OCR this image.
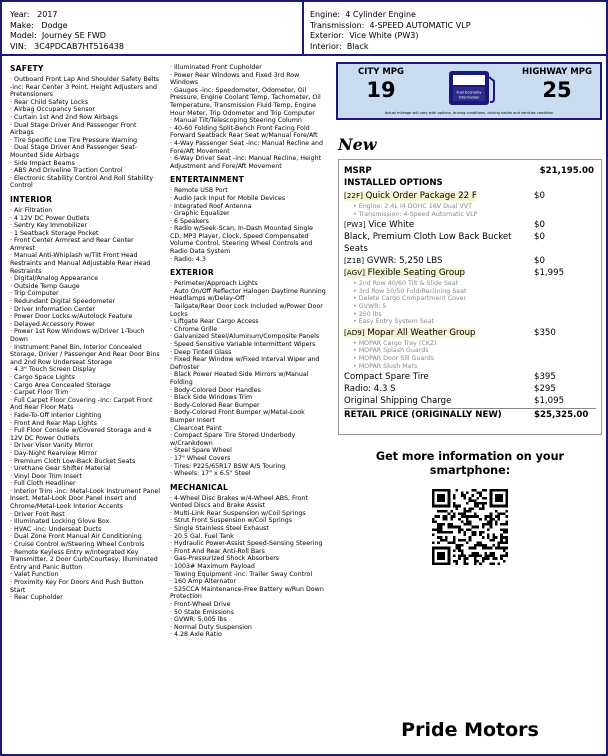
Year: 2017
Make: Dodge
Model: Journey SE FWD
VIN: 3C4PDCAB7HT516438
Engine: 4 Cylinder Engine
Transmission: 4-SPEED AUTOMATIC VLP
Exterior: Vice White (PW3)
Interior: Black
SAFETY
· Outboard Front Lap And Shoulder Safety Belts -inc: Rear Center 3 Point, Height Adjusters and Pretensioners
· Rear Child Safety Locks
· Airbag Occupancy Sensor
· Curtain 1st And 2nd Row Airbags
· Dual Stage Driver And Passenger Front Airbags
· Tire Specific Low Tire Pressure Warning
· Dual Stage Driver And Passenger Seat-Mounted Side Airbags
· Side Impact Beams
· ABS And Driveline Traction Control
· Electronic Stability Control And Roll Stability Control
INTERIOR
· Air Filtration
· 4 12V DC Power Outlets
· Sentry Key Immobilizer
· 1 Seatback Storage Pocket
· Front Center Armrest and Rear Center Armrest
· Manual Anti-Whiplash w/Tilt Front Head Restraints and Manual Adjustable Rear Head Restraints
· Digital/Analog Appearance
· Outside Temp Gauge
· Trip Computer
· Redundant Digital Speedometer
· Driver Information Center
· Power Door Locks w/Autolock Feature
· Delayed Accessory Power
· Power 1st Row Windows w/Driver 1-Touch Down
· Instrument Panel Bin, Interior Concealed Storage, Driver / Passenger And Rear Door Bins and 2nd Row Underseat Storage
· 4.3" Touch Screen Display
· Cargo Space Lights
· Cargo Area Concealed Storage
· Carpet Floor Trim
· Full Carpet Floor Covering -inc: Carpet Front And Rear Floor Mats
· Fade-To-Off Interior Lighting
· Front And Rear Map Lights
· Full Floor Console w/Covered Storage and 4 12V DC Power Outlets
· Driver Visor Vanity Mirror
· Day-Night Rearview Mirror
· Premium Cloth Low-Back Bucket Seats
· Urethane Gear Shifter Material
· Vinyl Door Trim Insert
· Full Cloth Headliner
· Interior Trim -inc: Metal-Look Instrument Panel Insert, Metal-Look Door Panel Insert and Chrome/Metal-Look Interior Accents
· Driver Foot Rest
· Illuminated Locking Glove Box
· HVAC -inc: Underseat Ducts
· Dual Zone Front Manual Air Conditioning
· Cruise Control w/Steering Wheel Controls
· Remote Keyless Entry w/Integrated Key Transmitter, 2 Door Curb/Courtesy, Illuminated Entry and Panic Button
· Valet Function
· Proximity Key For Doors And Push Button Start
· Rear Cupholder
· Illuminated Front Cupholder
· Power Rear Windows and Fixed 3rd Row Windows
· Gauges -inc: Speedometer, Odometer, Oil Pressure, Engine Coolant Temp, Tachometer, Oil Temperature, Transmission Fluid Temp, Engine Hour Meter, Trip Odometer and Trip Computer
· Manual Tilt/Telescoping Steering Column
· 40-60 Folding Split-Bench Front Facing Fold Forward Seatback Rear Seat w/Manual Fore/Aft
· 4-Way Passenger Seat -inc: Manual Recline and Fore/Aft Movement
· 6-Way Driver Seat -inc: Manual Recline, Height Adjustment and Fore/Aft Movement
ENTERTAINMENT
· Remote USB Port
· Audio Jack Input for Mobile Devices
· Integrated Roof Antenna
· Graphic Equalizer
· 6 Speakers
· Radio w/Seek-Scan, In-Dash Mounted Single CD, MP3 Player, Clock, Speed Compensated Volume Control, Steering Wheel Controls and Radio Data System
· Radio: 4.3
EXTERIOR
· Perimeter/Approach Lights
· Auto On/Off Reflector Halogen Daytime Running Headlamps w/Delay-Off
· Tailgate/Rear Door Lock Included w/Power Door Locks
· Liftgate Rear Cargo Access
· Chrome Grille
· Galvanized Steel/Aluminum/Composite Panels
· Speed Sensitive Variable Intermittent Wipers
· Deep Tinted Glass
· Fixed Rear Window w/Fixed Interval Wiper and Defroster
· Black Power Heated Side Mirrors w/Manual Folding
· Body-Colored Door Handles
· Black Side Windows Trim
· Body-Colored Rear Bumper
· Body-Colored Front Bumper w/Metal-Look Bumper Insert
· Clearcoat Paint
· Compact Spare Tire Stored Underbody w/Crankdown
· Steel Spare Wheel
· 17" Wheel Covers
· Tires: P225/65R17 BSW A/S Touring
· Wheels: 17" x 6.5" Steel
MECHANICAL
· 4-Wheel Disc Brakes w/4-Wheel ABS, Front Vented Discs and Brake Assist
· Multi-Link Rear Suspension w/Coil Springs
· Strut Front Suspension w/Coil Springs
· Single Stainless Steel Exhaust
· 20.5 Gal. Fuel Tank
· Hydraulic Power-Assist Speed-Sensing Steering
· Front And Rear Anti-Roll Bars
· Gas-Pressurized Shock Absorbers
· 1003# Maximum Payload
· Towing Equipment -inc: Trailer Sway Control
· 160 Amp Alternator
· 525CCA Maintenance-Free Battery w/Run Down Protection
· Front-Wheel Drive
· 50 State Emissions
· GVWR: 5,005 lbs
· Normal Duty Suspension
· 4.28 Axle Ratio
CITY MPG
19	Fuel Economy
Information
HIGHWAY MPG
25
Actual mileage will vary with options, driving conditions, driving habits and vehicles condition
New
MSRP	$21,195.00
INSTALLED OPTIONS
[22F] Quick Order Package 22 F	$0
• Engine: 2.4L I4 DOHC 16V Dual VVT
• Transmission: 4-Speed Automatic VLP
[PW3] Vice White	$0
Black, Premium Cloth Low Back Bucket	$0
Seats
[Z1B] GVWR: 5,250 LBS	$0
[AGV] Flexible Seating Group	$1,995
• 2nd Row 40/60 Tilt & Slide Seat
• 3rd Row 50/50 Fold/Reclining Seat
• Delete Cargo Compartment Cover
• GVWR: 5
• 250 lbs
• Easy Entry System Seat
[AD9] Mopar All Weather Group	$350
• MOPAR Cargo Tray (CKZ)
• MOPAR Splash Guards
• MOPAR Door Sill Guards
• MOPAR Slush Mats
Compact Spare Tire	$395
Radio: 4.3 S	$295
Original Shipping Charge	$1,095
RETAIL PRICE (ORIGINALLY NEW)	$25,325.00
Get more information on your smartphone:
Pride Motors
